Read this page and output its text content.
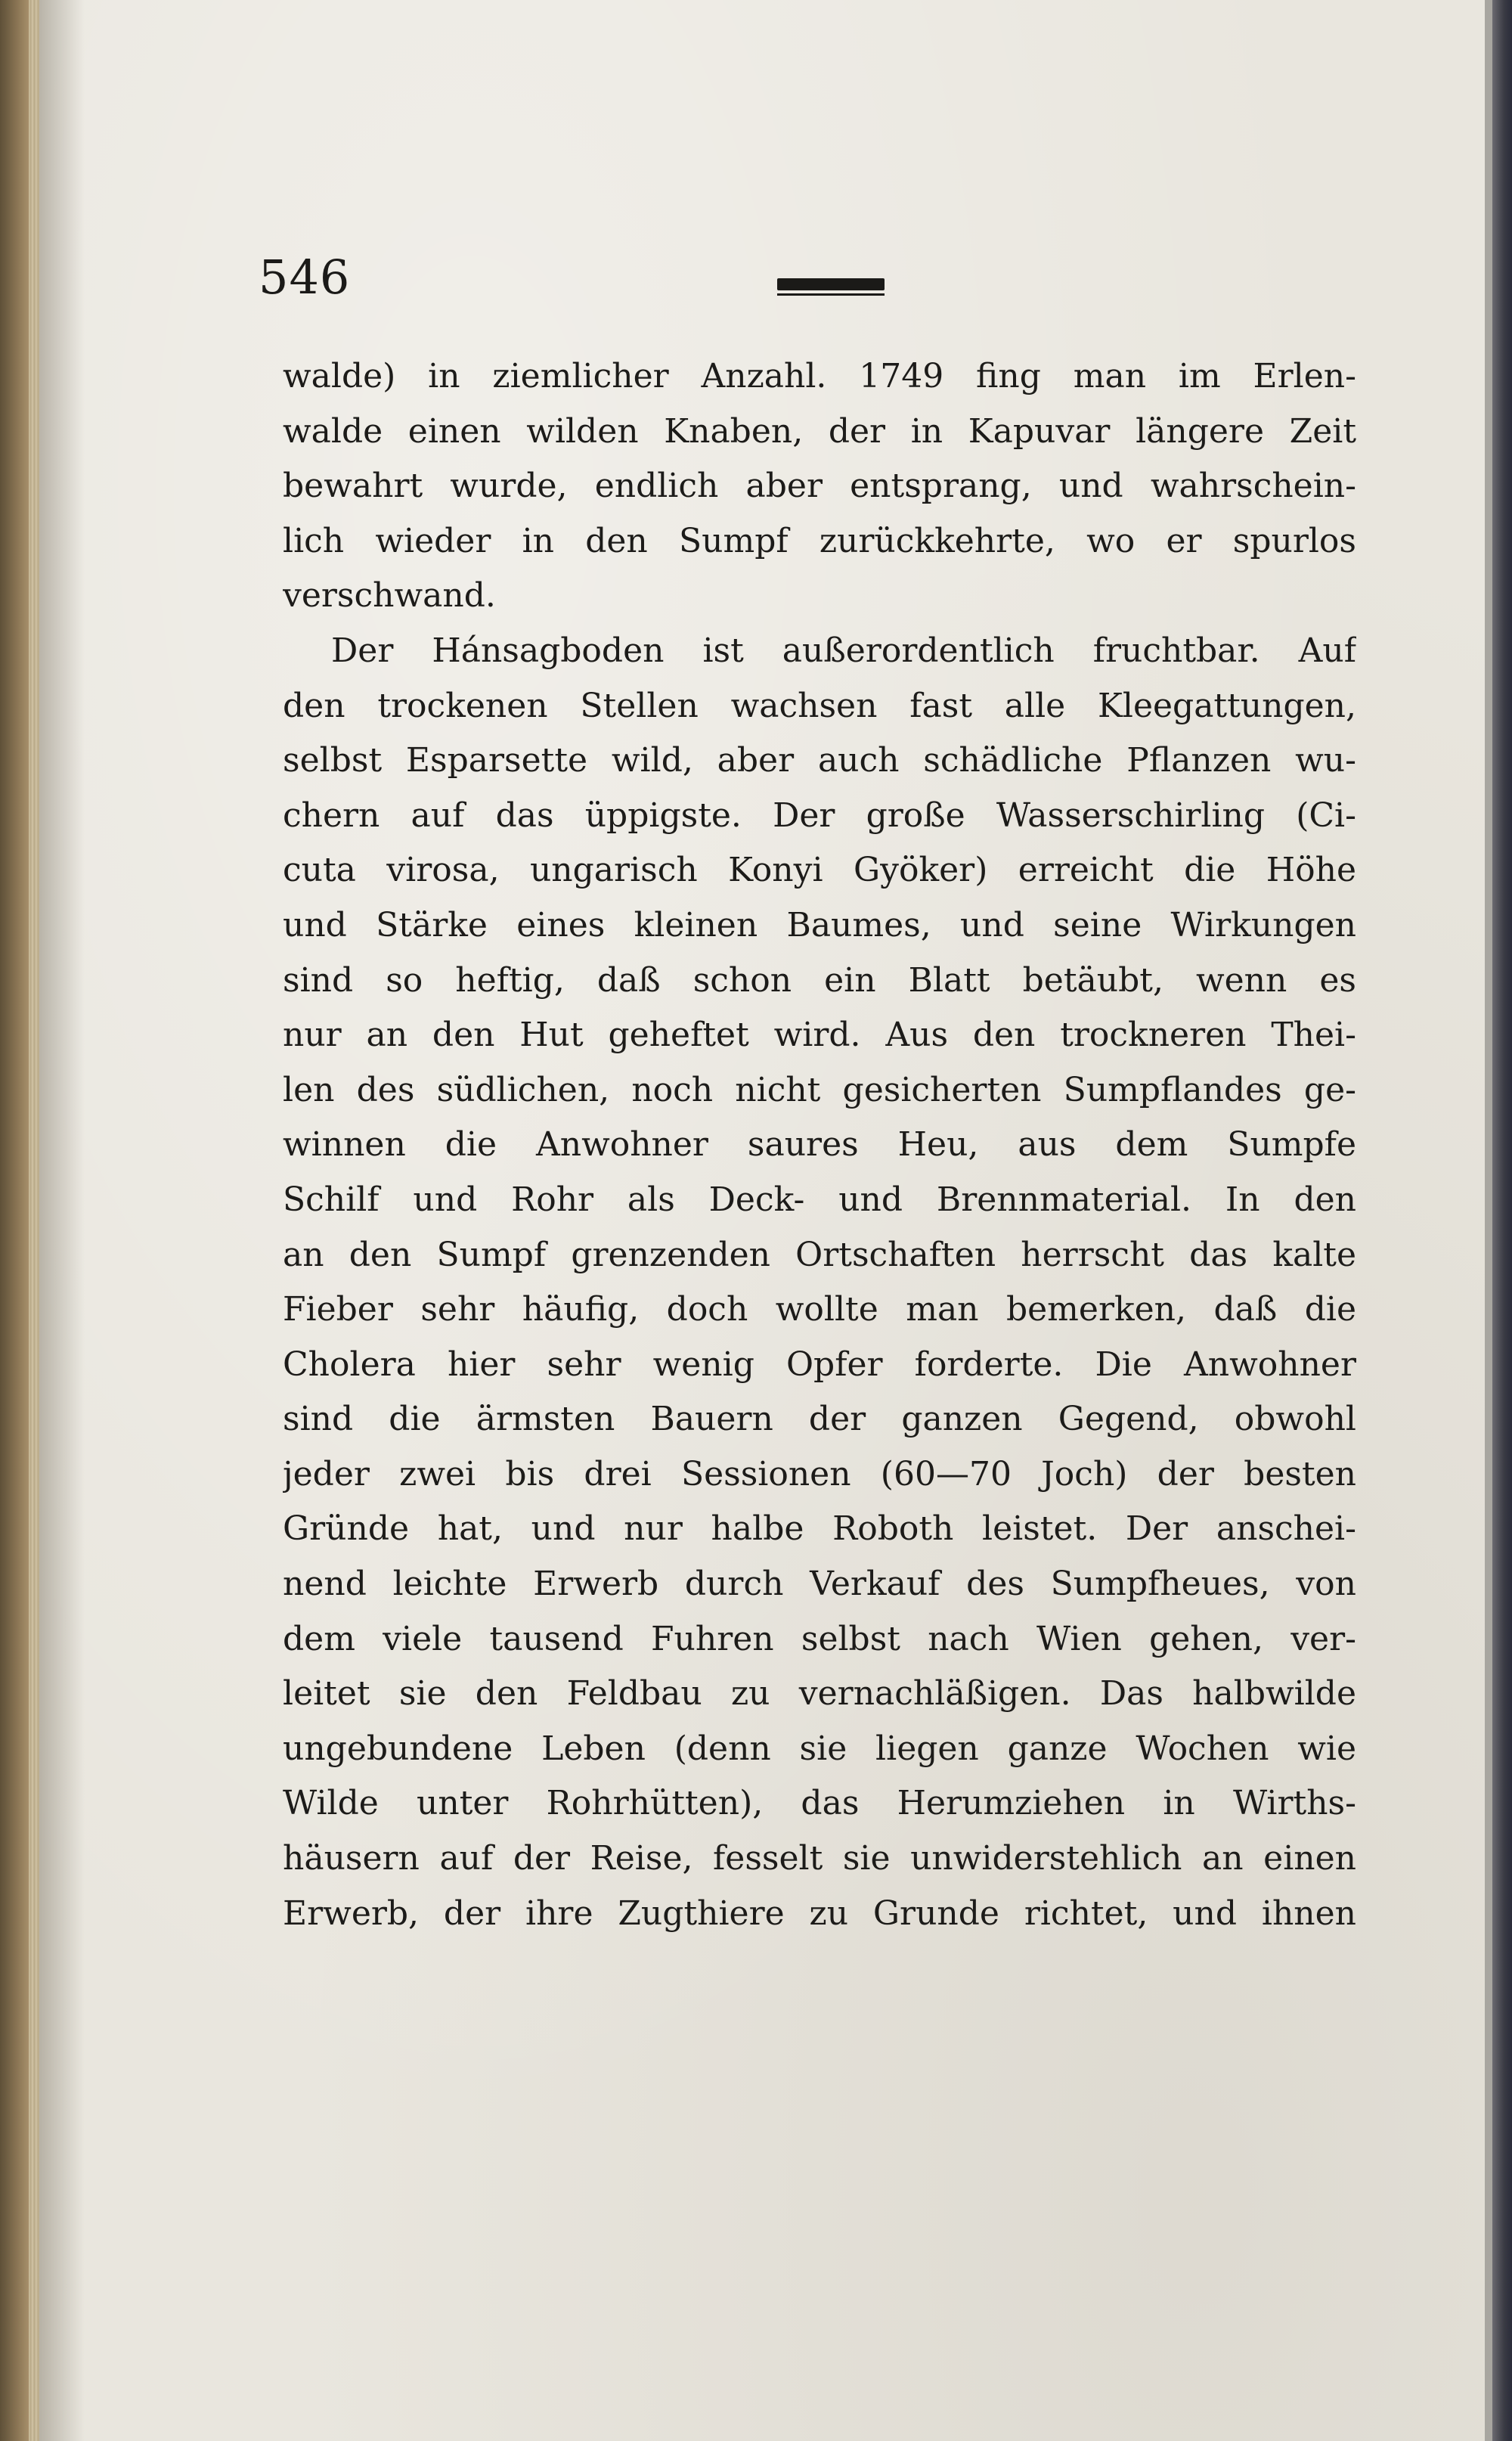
546
walde) in ziemlicher Anzahl. 1749 fing man im Erlen-
walde einen wilden Knaben, der in Kapuvar längere Zeit
bewahrt wurde, endlich aber entsprang, und wahrschein-
lich wieder in den Sumpf zurückkehrte, wo er spurlos
verschwand.
Der Hánsagboden ist außerordentlich fruchtbar. Auf
den trockenen Stellen wachsen fast alle Kleegattungen,
selbst Esparsette wild, aber auch schädliche Pflanzen wu-
chern auf das üppigste. Der große Wasserschirling (Ci-
cuta virosa, ungarisch Konyi Gyöker) erreicht die Höhe
und Stärke eines kleinen Baumes, und seine Wirkungen
sind so heftig, daß schon ein Blatt betäubt, wenn es
nur an den Hut geheftet wird. Aus den trockneren Thei-
len des südlichen, noch nicht gesicherten Sumpflandes ge-
winnen die Anwohner saures Heu, aus dem Sumpfe
Schilf und Rohr als Deck- und Brennmaterial. In den
an den Sumpf grenzenden Ortschaften herrscht das kalte
Fieber sehr häufig, doch wollte man bemerken, daß die
Cholera hier sehr wenig Opfer forderte. Die Anwohner
sind die ärmsten Bauern der ganzen Gegend, obwohl
jeder zwei bis drei Sessionen (60—70 Joch) der besten
Gründe hat, und nur halbe Roboth leistet. Der anschei-
nend leichte Erwerb durch Verkauf des Sumpfheues, von
dem viele tausend Fuhren selbst nach Wien gehen, ver-
leitet sie den Feldbau zu vernachläßigen. Das halbwilde
ungebundene Leben (denn sie liegen ganze Wochen wie
Wilde unter Rohrhütten), das Herumziehen in Wirths-
häusern auf der Reise, fesselt sie unwiderstehlich an einen
Erwerb, der ihre Zugthiere zu Grunde richtet, und ihnen
